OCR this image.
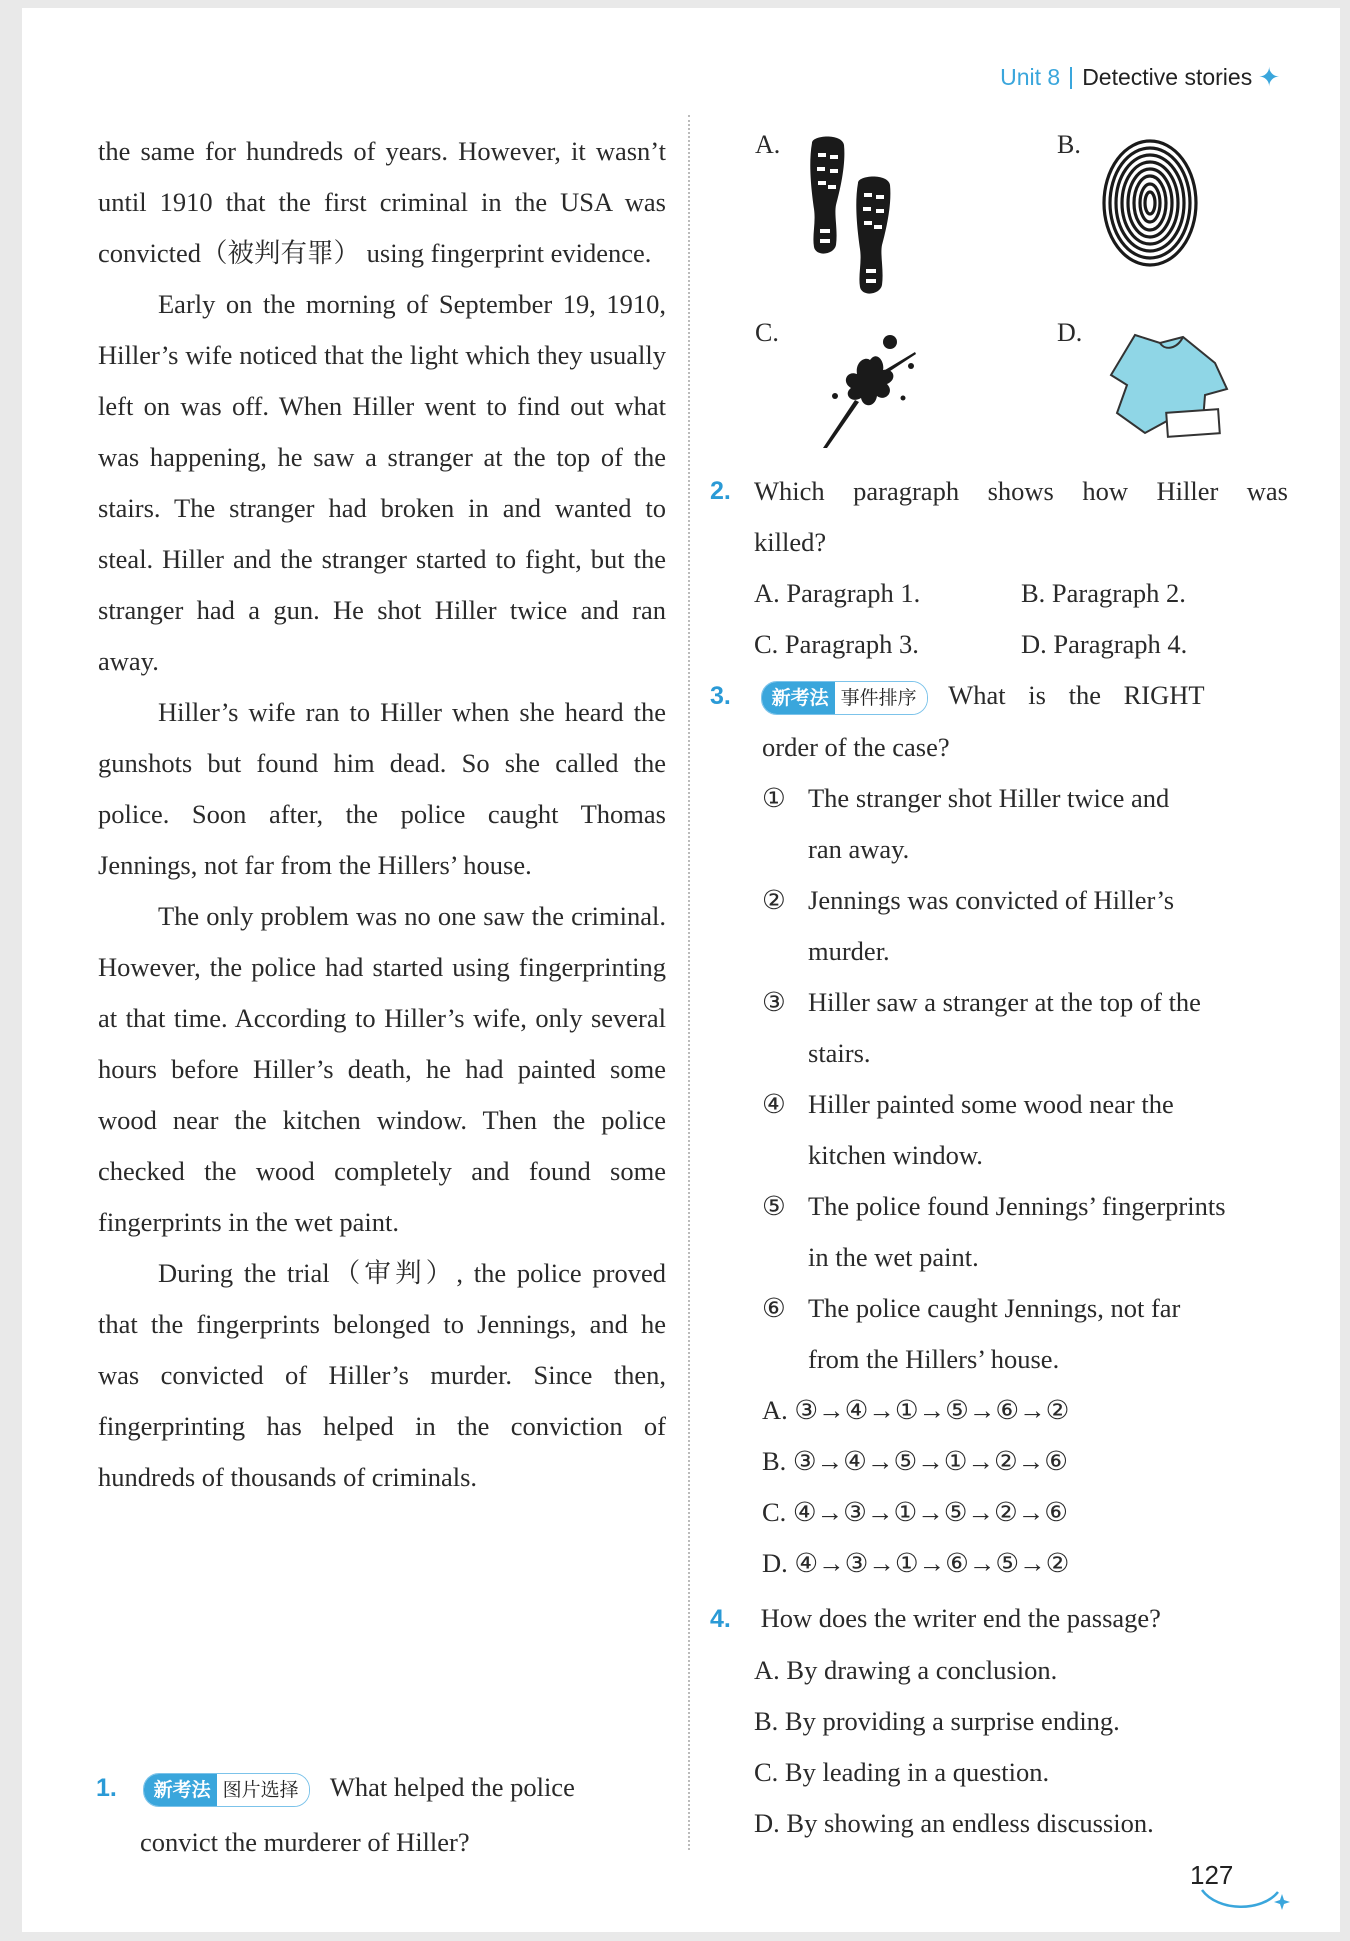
Unit 8 Detective stories ✦

the same for hundreds of years. However, it wasn’t until 1910 that the first criminal in the USA was convicted（被判有罪） using fingerprint evidence.

Early on the morning of September 19, 1910, Hiller’s wife noticed that the light which they usually left on was off. When Hiller went to find out what was happening, he saw a stranger at the top of the stairs. The stranger had broken in and wanted to steal. Hiller and the stranger started to fight, but the stranger had a gun. He shot Hiller twice and ran away.

Hiller’s wife ran to Hiller when she heard the gunshots but found him dead. So she called the police. Soon after, the police caught Thomas Jennings, not far from the Hillers’ house.

The only problem was no one saw the criminal. However, the police had started using fingerprinting at that time. According to Hiller’s wife, only several hours before Hiller’s death, he had painted some wood near the kitchen window. Then the police checked the wood completely and found some fingerprints in the wet paint.

During the trial（审判）, the police proved that the fingerprints belonged to Jennings, and he was convicted of Hiller’s murder. Since then, fingerprinting has helped in the conviction of hundreds of thousands of criminals.

1.	新考法 图片选择	What helped the police
convict the murderer of Hiller?
A.	B.
C.	D.
2. Which paragraph shows how Hiller was
killed?
A. Paragraph 1.	B. Paragraph 2.
C. Paragraph 3.	D. Paragraph 4.
3.	新考法 事件排序	What is the RIGHT
order of the case?
① The stranger shot Hiller twice and
ran away.
② Jennings was convicted of Hiller’s
murder.
③ Hiller saw a stranger at the top of the
stairs.
④ Hiller painted some wood near the
kitchen window.
⑤ The police found Jennings’ fingerprints
in the wet paint.
⑥ The police caught Jennings, not far
from the Hillers’ house.
A. ③→④→①→⑤→⑥→②
B. ③→④→⑤→①→②→⑥
C. ④→③→①→⑤→②→⑥
D. ④→③→①→⑥→⑤→②
4. How does the writer end the passage?
A. By drawing a conclusion.
B. By providing a surprise ending.
C. By leading in a question.
D. By showing an endless discussion.
127
